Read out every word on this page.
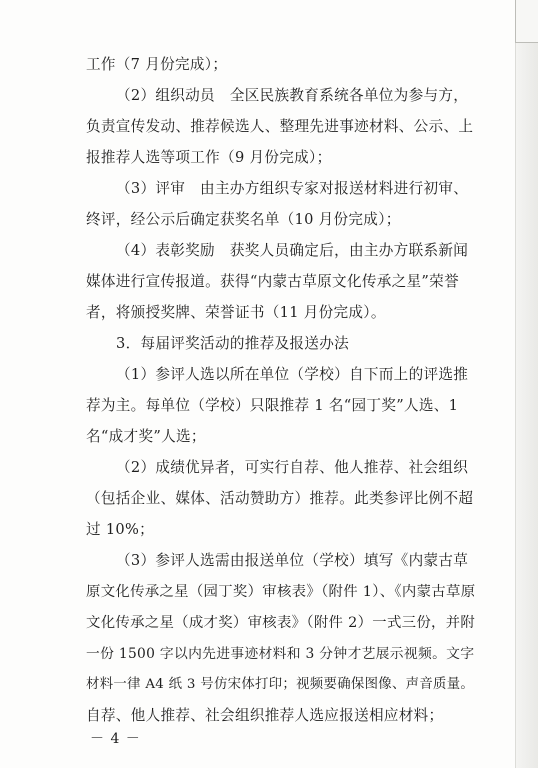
工作（7 月份完成）；
（2）组织动员　全区民族教育系统各单位为参与方，
负责宣传发动、推荐候选人、整理先进事迹材料、公示、上
报推荐人选等项工作（9 月份完成）；
（3）评审　由主办方组织专家对报送材料进行初审、
终评，经公示后确定获奖名单（10 月份完成）；
（4）表彰奖励　获奖人员确定后，由主办方联系新闻
媒体进行宣传报道。获得“内蒙古草原文化传承之星”荣誉
者，将颁授奖牌、荣誉证书（11 月份完成）。
3．每届评奖活动的推荐及报送办法
（1）参评人选以所在单位（学校）自下而上的评选推
荐为主。每单位（学校）只限推荐 1 名“园丁奖”人选、1
名“成才奖”人选；
（2）成绩优异者，可实行自荐、他人推荐、社会组织
（包括企业、媒体、活动赞助方）推荐。此类参评比例不超
过 10%；
（3）参评人选需由报送单位（学校）填写《内蒙古草
原文化传承之星（园丁奖）审核表》（附件 1）、《内蒙古草原
文化传承之星（成才奖）审核表》（附件 2）一式三份，并附
一份 1500 字以内先进事迹材料和 3 分钟才艺展示视频。文字
材料一律 A4 纸 3 号仿宋体打印；视频要确保图像、声音质量。
自荐、他人推荐、社会组织推荐人选应报送相应材料；
－ 4 －
